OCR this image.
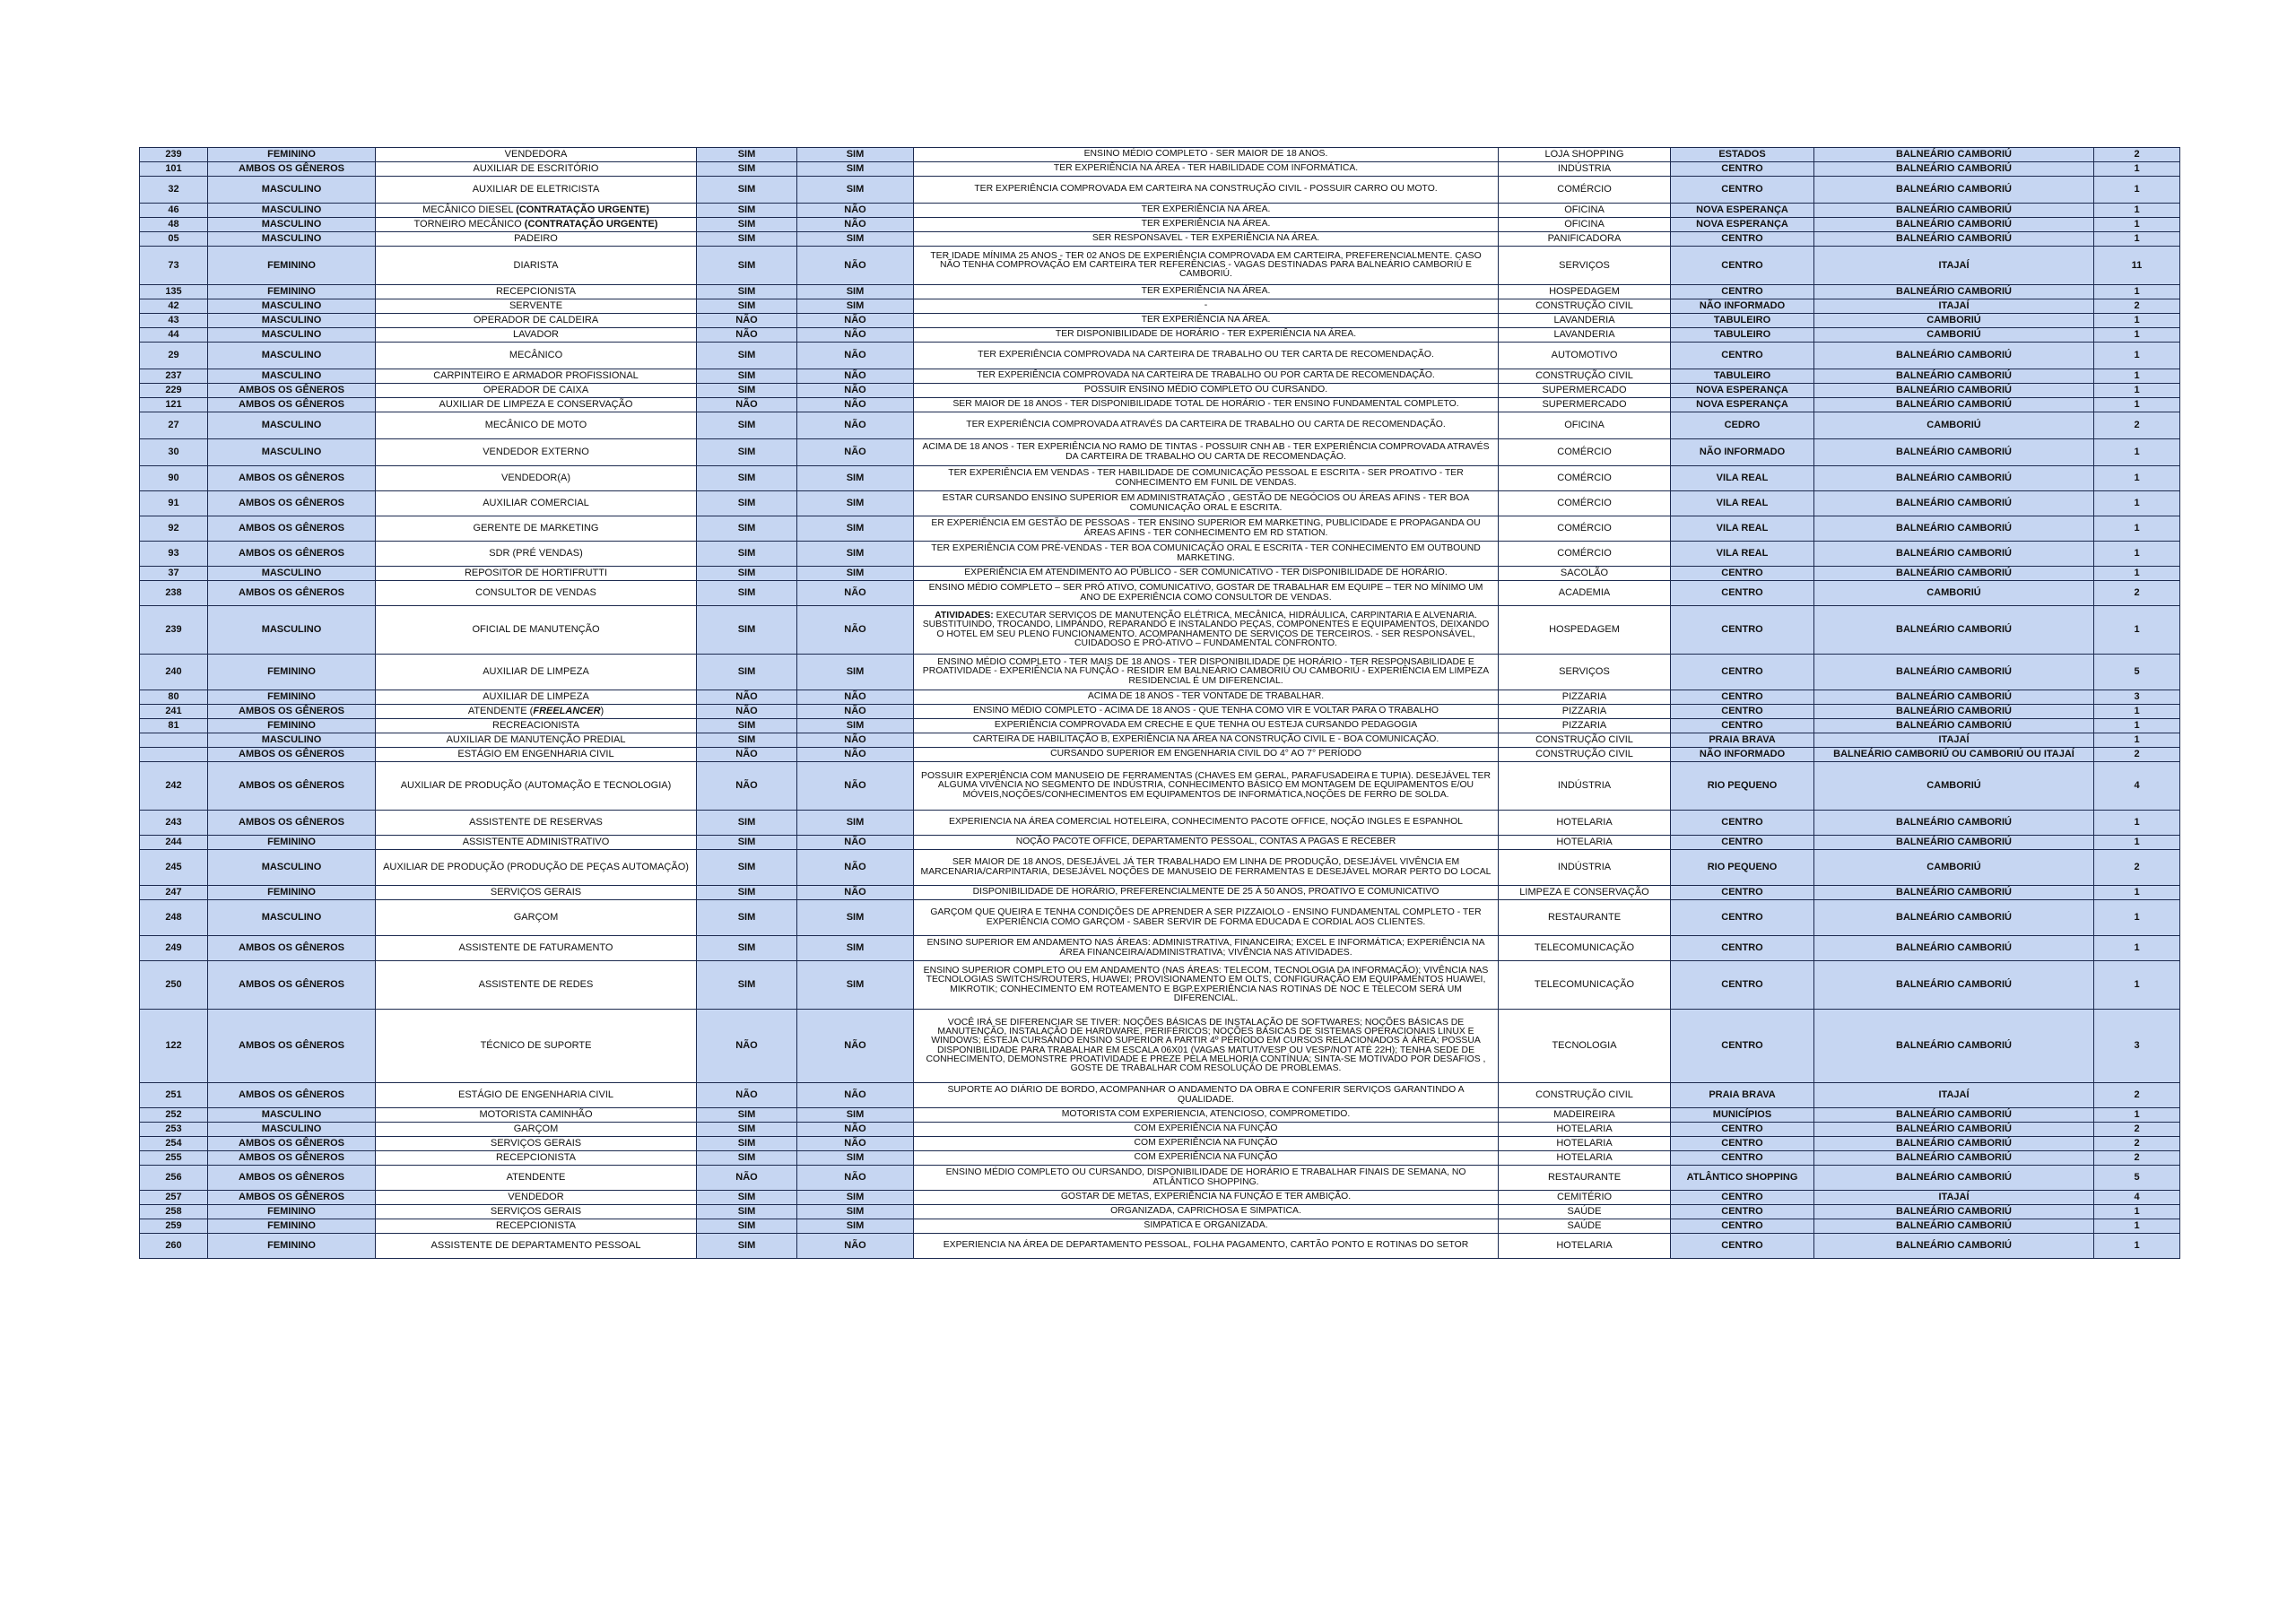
239	FEMININO	VENDEDORA	SIM	SIM	ENSINO MÉDIO COMPLETO - SER MAIOR DE 18 ANOS.	LOJA SHOPPING	ESTADOS	BALNEÁRIO CAMBORIÚ	2
101	AMBOS OS GÊNEROS	AUXILIAR DE ESCRITÓRIO	SIM	SIM	TER EXPERIÊNCIA NA ÁREA - TER HABILIDADE COM INFORMÁTICA.	INDÚSTRIA	CENTRO	BALNEÁRIO CAMBORIÚ	1
32	MASCULINO	AUXILIAR DE ELETRICISTA	SIM	SIM	TER EXPERIÊNCIA COMPROVADA EM CARTEIRA NA CONSTRUÇÃO CIVIL - POSSUIR CARRO OU MOTO.	COMÉRCIO	CENTRO	BALNEÁRIO CAMBORIÚ	1
46	MASCULINO	MECÂNICO DIESEL (CONTRATAÇÃO URGENTE)	SIM	NÃO	TER EXPERIÊNCIA NA ÁREA.	OFICINA	NOVA ESPERANÇA	BALNEÁRIO CAMBORIÚ	1
48	MASCULINO	TORNEIRO MECÂNICO (CONTRATAÇÃO URGENTE)	SIM	NÃO	TER EXPERIÊNCIA NA ÁREA.	OFICINA	NOVA ESPERANÇA	BALNEÁRIO CAMBORIÚ	1
05	MASCULINO	PADEIRO	SIM	SIM	SER RESPONSAVEL - TER EXPERIÊNCIA NA ÁREA.	PANIFICADORA	CENTRO	BALNEÁRIO CAMBORIÚ	1
73	FEMININO	DIARISTA	SIM	NÃO	TER IDADE MÍNIMA 25 ANOS - TER 02 ANOS DE EXPERIÊNCIA COMPROVADA EM CARTEIRA, PREFERENCIALMENTE. CASO NÃO TENHA COMPROVAÇÃO EM CARTEIRA TER REFERÊNCIAS - VAGAS DESTINADAS PARA BALNEÁRIO CAMBORIÚ E CAMBORIÚ.	SERVIÇOS	CENTRO	ITAJAÍ	11
135	FEMININO	RECEPCIONISTA	SIM	SIM	TER EXPERIÊNCIA NA ÁREA.	HOSPEDAGEM	CENTRO	BALNEÁRIO CAMBORIÚ	1
42	MASCULINO	SERVENTE	SIM	SIM	-	CONSTRUÇÃO CIVIL	NÃO INFORMADO	ITAJAÍ	2
43	MASCULINO	OPERADOR DE CALDEIRA	NÃO	NÃO	TER EXPERIÊNCIA NA ÁREA.	LAVANDERIA	TABULEIRO	CAMBORIÚ	1
44	MASCULINO	LAVADOR	NÃO	NÃO	TER DISPONIBILIDADE DE HORÁRIO - TER EXPERIÊNCIA NA ÁREA.	LAVANDERIA	TABULEIRO	CAMBORIÚ	1
29	MASCULINO	MECÂNICO	SIM	NÃO	TER EXPERIÊNCIA COMPROVADA NA CARTEIRA DE TRABALHO OU TER CARTA DE RECOMENDAÇÃO.	AUTOMOTIVO	CENTRO	BALNEÁRIO CAMBORIÚ	1
237	MASCULINO	CARPINTEIRO E ARMADOR PROFISSIONAL	SIM	NÃO	TER EXPERIÊNCIA COMPROVADA NA CARTEIRA DE TRABALHO OU POR CARTA DE RECOMENDAÇÃO.	CONSTRUÇÃO CIVIL	TABULEIRO	BALNEÁRIO CAMBORIÚ	1
229	AMBOS OS GÊNEROS	OPERADOR DE CAIXA	SIM	NÃO	POSSUIR ENSINO MÉDIO COMPLETO OU CURSANDO.	SUPERMERCADO	NOVA ESPERANÇA	BALNEÁRIO CAMBORIÚ	1
121	AMBOS OS GÊNEROS	AUXILIAR DE LIMPEZA E CONSERVAÇÃO	NÃO	NÃO	SER MAIOR DE 18 ANOS - TER DISPONIBILIDADE TOTAL DE HORÁRIO - TER ENSINO FUNDAMENTAL COMPLETO.	SUPERMERCADO	NOVA ESPERANÇA	BALNEÁRIO CAMBORIÚ	1
27	MASCULINO	MECÂNICO DE MOTO	SIM	NÃO	TER EXPERIÊNCIA COMPROVADA ATRAVÉS DA CARTEIRA DE TRABALHO OU CARTA DE RECOMENDAÇÃO.	OFICINA	CEDRO	CAMBORIÚ	2
30	MASCULINO	VENDEDOR EXTERNO	SIM	NÃO	ACIMA DE 18 ANOS - TER EXPERIÊNCIA NO RAMO DE TINTAS - POSSUIR CNH AB - TER EXPERIÊNCIA COMPROVADA ATRAVÉS DA CARTEIRA DE TRABALHO OU CARTA DE RECOMENDAÇÃO.	COMÉRCIO	NÃO INFORMADO	BALNEÁRIO CAMBORIÚ	1
90	AMBOS OS GÊNEROS	VENDEDOR(A)	SIM	SIM	TER EXPERIÊNCIA EM VENDAS - TER HABILIDADE DE COMUNICAÇÃO PESSOAL E ESCRITA - SER PROATIVO - TER CONHECIMENTO EM FUNIL DE VENDAS.	COMÉRCIO	VILA REAL	BALNEÁRIO CAMBORIÚ	1
91	AMBOS OS GÊNEROS	AUXILIAR COMERCIAL	SIM	SIM	ESTAR CURSANDO ENSINO SUPERIOR EM ADMINISTRATAÇÃO , GESTÃO DE NEGÓCIOS OU ÁREAS AFINS - TER BOA COMUNICAÇÃO ORAL E ESCRITA.	COMÉRCIO	VILA REAL	BALNEÁRIO CAMBORIÚ	1
92	AMBOS OS GÊNEROS	GERENTE DE MARKETING	SIM	SIM	ER EXPERIÊNCIA EM GESTÃO DE PESSOAS - TER ENSINO SUPERIOR EM MARKETING, PUBLICIDADE E PROPAGANDA OU ÁREAS AFINS - TER CONHECIMENTO EM RD STATION.	COMÉRCIO	VILA REAL	BALNEÁRIO CAMBORIÚ	1
93	AMBOS OS GÊNEROS	SDR (PRÉ VENDAS)	SIM	SIM	TER EXPERIÊNCIA COM PRÉ-VENDAS - TER BOA COMUNICAÇÃO ORAL E ESCRITA - TER CONHECIMENTO EM OUTBOUND MARKETING.	COMÉRCIO	VILA REAL	BALNEÁRIO CAMBORIÚ	1
37	MASCULINO	REPOSITOR DE HORTIFRUTTI	SIM	SIM	EXPERIÊNCIA EM ATENDIMENTO AO PÚBLICO - SER COMUNICATIVO - TER DISPONIBILIDADE DE HORÁRIO.	SACOLÃO	CENTRO	BALNEÁRIO CAMBORIÚ	1
238	AMBOS OS GÊNEROS	CONSULTOR DE VENDAS	SIM	NÃO	ENSINO MÉDIO COMPLETO – SER PRÓ ATIVO, COMUNICATIVO, GOSTAR DE TRABALHAR EM EQUIPE – TER NO MÍNIMO UM ANO DE EXPERIÊNCIA COMO CONSULTOR DE VENDAS.	ACADEMIA	CENTRO	CAMBORIÚ	2
239	MASCULINO	OFICIAL DE MANUTENÇÃO	SIM	NÃO	ATIVIDADES: EXECUTAR SERVIÇOS DE MANUTENÇÃO ELÉTRICA, MECÂNICA, HIDRÁULICA, CARPINTARIA E ALVENARIA. SUBSTITUINDO, TROCANDO, LIMPANDO, REPARANDO E INSTALANDO PEÇAS, COMPONENTES E EQUIPAMENTOS, DEIXANDO O HOTEL EM SEU PLENO FUNCIONAMENTO. ACOMPANHAMENTO DE SERVIÇOS DE TERCEIROS. - SER RESPONSÁVEL, CUIDADOSO E PRÓ-ATIVO – FUNDAMENTAL CONFRONTO.	HOSPEDAGEM	CENTRO	BALNEÁRIO CAMBORIÚ	1
240	FEMININO	AUXILIAR DE LIMPEZA	SIM	SIM	ENSINO MÉDIO COMPLETO - TER MAIS DE 18 ANOS - TER DISPONIBILIDADE DE HORÁRIO - TER RESPONSABILIDADE E PROATIVIDADE - EXPERIÊNCIA NA FUNÇÃO - RESIDIR EM BALNEÁRIO CAMBORIÚ OU CAMBORIÚ - EXPERIÊNCIA EM LIMPEZA RESIDENCIAL É UM DIFERENCIAL.	SERVIÇOS	CENTRO	BALNEÁRIO CAMBORIÚ	5
80	FEMININO	AUXILIAR DE LIMPEZA	NÃO	NÃO	ACIMA DE 18 ANOS - TER VONTADE DE TRABALHAR.	PIZZARIA	CENTRO	BALNEÁRIO CAMBORIÚ	3
241	AMBOS OS GÊNEROS	ATENDENTE (FREELANCER)	NÃO	NÃO	ENSINO MÉDIO COMPLETO - ACIMA DE 18 ANOS - QUE TENHA COMO VIR E VOLTAR PARA O TRABALHO	PIZZARIA	CENTRO	BALNEÁRIO CAMBORIÚ	1
81	FEMININO	RECREACIONISTA	SIM	SIM	EXPERIÊNCIA COMPROVADA EM CRECHE E QUE TENHA OU ESTEJA CURSANDO PEDAGOGIA	PIZZARIA	CENTRO	BALNEÁRIO CAMBORIÚ	1
	MASCULINO	AUXILIAR DE MANUTENÇÃO PREDIAL	SIM	NÃO	CARTEIRA DE HABILITAÇÃO B, EXPERIÊNCIA NA ÁREA NA CONSTRUÇÃO CIVIL E - BOA COMUNICAÇÃO.	CONSTRUÇÃO CIVIL	PRAIA BRAVA	ITAJAÍ	1
	AMBOS OS GÊNEROS	ESTÁGIO EM ENGENHARIA CIVIL	NÃO	NÃO	CURSANDO SUPERIOR EM ENGENHARIA CIVIL DO 4° AO 7° PERÍODO	CONSTRUÇÃO CIVIL	NÃO INFORMADO	BALNEÁRIO CAMBORIÚ OU CAMBORIÚ OU ITAJAÍ	2
242	AMBOS OS GÊNEROS	AUXILIAR DE PRODUÇÃO (AUTOMAÇÃO E TECNOLOGIA)	NÃO	NÃO	POSSUIR EXPERIÊNCIA COM MANUSEIO DE FERRAMENTAS (CHAVES EM GERAL, PARAFUSADEIRA E TUPIA). DESEJÁVEL TER ALGUMA VIVÊNCIA NO SEGMENTO DE INDÚSTRIA, CONHECIMENTO BÁSICO EM MONTAGEM DE EQUIPAMENTOS E/OU MÓVEIS,NOÇÕES/CONHECIMENTOS EM EQUIPAMENTOS DE INFORMÁTICA,NOÇÕES DE FERRO DE SOLDA.	INDÚSTRIA	RIO PEQUENO	CAMBORIÚ	4
243	AMBOS OS GÊNEROS	ASSISTENTE DE RESERVAS	SIM	SIM	EXPERIENCIA NA ÁREA COMERCIAL HOTELEIRA, CONHECIMENTO PACOTE OFFICE, NOÇÃO INGLES E ESPANHOL	HOTELARIA	CENTRO	BALNEÁRIO CAMBORIÚ	1
244	FEMININO	ASSISTENTE ADMINISTRATIVO	SIM	NÃO	NOÇÃO PACOTE OFFICE, DEPARTAMENTO PESSOAL, CONTAS A PAGAS E RECEBER	HOTELARIA	CENTRO	BALNEÁRIO CAMBORIÚ	1
245	MASCULINO	AUXILIAR DE PRODUÇÃO (PRODUÇÃO DE PEÇAS AUTOMAÇÃO)	SIM	NÃO	SER MAIOR DE 18 ANOS, DESEJÁVEL JÁ TER TRABALHADO EM LINHA DE PRODUÇÃO, DESEJÁVEL VIVÊNCIA EM MARCENARIA/CARPINTARIA, DESEJÁVEL NOÇÕES DE MANUSEIO DE FERRAMENTAS E DESEJÁVEL MORAR PERTO DO LOCAL	INDÚSTRIA	RIO PEQUENO	CAMBORIÚ	2
247	FEMININO	SERVIÇOS GERAIS	SIM	NÃO	DISPONIBILIDADE DE HORÁRIO, PREFERENCIALMENTE DE 25 À 50 ANOS, PROATIVO E COMUNICATIVO	LIMPEZA E CONSERVAÇÃO	CENTRO	BALNEÁRIO CAMBORIÚ	1
248	MASCULINO	GARÇOM	SIM	SIM	GARÇOM QUE QUEIRA E TENHA CONDIÇÕES DE APRENDER A SER PIZZAIOLO - ENSINO FUNDAMENTAL COMPLETO - TER EXPERIÊNCIA COMO GARÇOM - SABER SERVIR DE FORMA EDUCADA E CORDIAL AOS CLIENTES.	RESTAURANTE	CENTRO	BALNEÁRIO CAMBORIÚ	1
249	AMBOS OS GÊNEROS	ASSISTENTE DE FATURAMENTO	SIM	SIM	ENSINO SUPERIOR EM ANDAMENTO NAS ÁREAS: ADMINISTRATIVA, FINANCEIRA; EXCEL E INFORMÁTICA; EXPERIÊNCIA NA ÁREA FINANCEIRA/ADMINISTRATIVA; VIVÊNCIA NAS ATIVIDADES.	TELECOMUNICAÇÃO	CENTRO	BALNEÁRIO CAMBORIÚ	1
250	AMBOS OS GÊNEROS	ASSISTENTE DE REDES	SIM	SIM	ENSINO SUPERIOR COMPLETO OU EM ANDAMENTO (NAS ÁREAS: TELECOM, TECNOLOGIA DA INFORMAÇÃO); VIVÊNCIA NAS TECNOLOGIAS SWITCHS/ROUTERS, HUAWEI; PROVISIONAMENTO EM OLTS, CONFIGURAÇÃO EM EQUIPAMENTOS HUAWEI, MIKROTIK; CONHECIMENTO EM ROTEAMENTO E BGP.EXPERIÊNCIA NAS ROTINAS DE NOC E TELECOM SERÁ UM DIFERENCIAL.	TELECOMUNICAÇÃO	CENTRO	BALNEÁRIO CAMBORIÚ	1
122	AMBOS OS GÊNEROS	TÉCNICO DE SUPORTE	NÃO	NÃO	VOCÊ IRÁ SE DIFERENCIAR SE TIVER: NOÇÕES BÁSICAS DE INSTALAÇÃO DE SOFTWARES; NOÇÕES BÁSICAS DE MANUTENÇÃO, INSTALAÇÃO DE HARDWARE, PERIFÉRICOS; NOÇÕES BÁSICAS DE SISTEMAS OPERACIONAIS LINUX E WINDOWS; ESTEJA CURSANDO ENSINO SUPERIOR A PARTIR 4º PERÍODO EM CURSOS RELACIONADOS À ÁREA; POSSUA DISPONIBILIDADE PARA TRABALHAR EM ESCALA 06X01 (VAGAS MATUT/VESP OU VESP/NOT ATÉ 22H); TENHA SEDE DE CONHECIMENTO, DEMONSTRE PROATIVIDADE E PREZE PELA MELHORIA CONTÍNUA; SINTA-SE MOTIVADO POR DESAFIOS , GOSTE DE TRABALHAR COM RESOLUÇÃO DE PROBLEMAS.	TECNOLOGIA	CENTRO	BALNEÁRIO CAMBORIÚ	3
251	AMBOS OS GÊNEROS	ESTÁGIO DE ENGENHARIA CIVIL	NÃO	NÃO	SUPORTE AO DIÁRIO DE BORDO, ACOMPANHAR O ANDAMENTO DA OBRA E CONFERIR SERVIÇOS GARANTINDO A QUALIDADE.	CONSTRUÇÃO CIVIL	PRAIA BRAVA	ITAJAÍ	2
252	MASCULINO	MOTORISTA CAMINHÃO	SIM	SIM	MOTORISTA COM EXPERIENCIA, ATENCIOSO, COMPROMETIDO.	MADEIREIRA	MUNICÍPIOS	BALNEÁRIO CAMBORIÚ	1
253	MASCULINO	GARÇOM	SIM	NÃO	COM EXPERIÊNCIA NA FUNÇÃO	HOTELARIA	CENTRO	BALNEÁRIO CAMBORIÚ	2
254	AMBOS OS GÊNEROS	SERVIÇOS GERAIS	SIM	NÃO	COM EXPERIÊNCIA NA FUNÇÃO	HOTELARIA	CENTRO	BALNEÁRIO CAMBORIÚ	2
255	AMBOS OS GÊNEROS	RECEPCIONISTA	SIM	SIM	COM EXPERIÊNCIA NA FUNÇÃO	HOTELARIA	CENTRO	BALNEÁRIO CAMBORIÚ	2
256	AMBOS OS GÊNEROS	ATENDENTE	NÃO	NÃO	ENSINO MÉDIO COMPLETO OU CURSANDO, DISPONIBILIDADE DE HORÁRIO E TRABALHAR FINAIS DE SEMANA, NO ATLÂNTICO SHOPPING.	RESTAURANTE	ATLÂNTICO SHOPPING	BALNEÁRIO CAMBORIÚ	5
257	AMBOS OS GÊNEROS	VENDEDOR	SIM	SIM	GOSTAR DE METAS, EXPERIÊNCIA NA FUNÇÃO E TER AMBIÇÃO.	CEMITÉRIO	CENTRO	ITAJAÍ	4
258	FEMININO	SERVIÇOS GERAIS	SIM	SIM	ORGANIZADA, CAPRICHOSA E SIMPATICA.	SAÚDE	CENTRO	BALNEÁRIO CAMBORIÚ	1
259	FEMININO	RECEPCIONISTA	SIM	SIM	SIMPATICA E ORGANIZADA.	SAÚDE	CENTRO	BALNEÁRIO CAMBORIÚ	1
260	FEMININO	ASSISTENTE DE DEPARTAMENTO PESSOAL	SIM	NÃO	EXPERIENCIA NA ÁREA DE DEPARTAMENTO PESSOAL, FOLHA PAGAMENTO, CARTÃO PONTO E ROTINAS DO SETOR	HOTELARIA	CENTRO	BALNEÁRIO CAMBORIÚ	1
